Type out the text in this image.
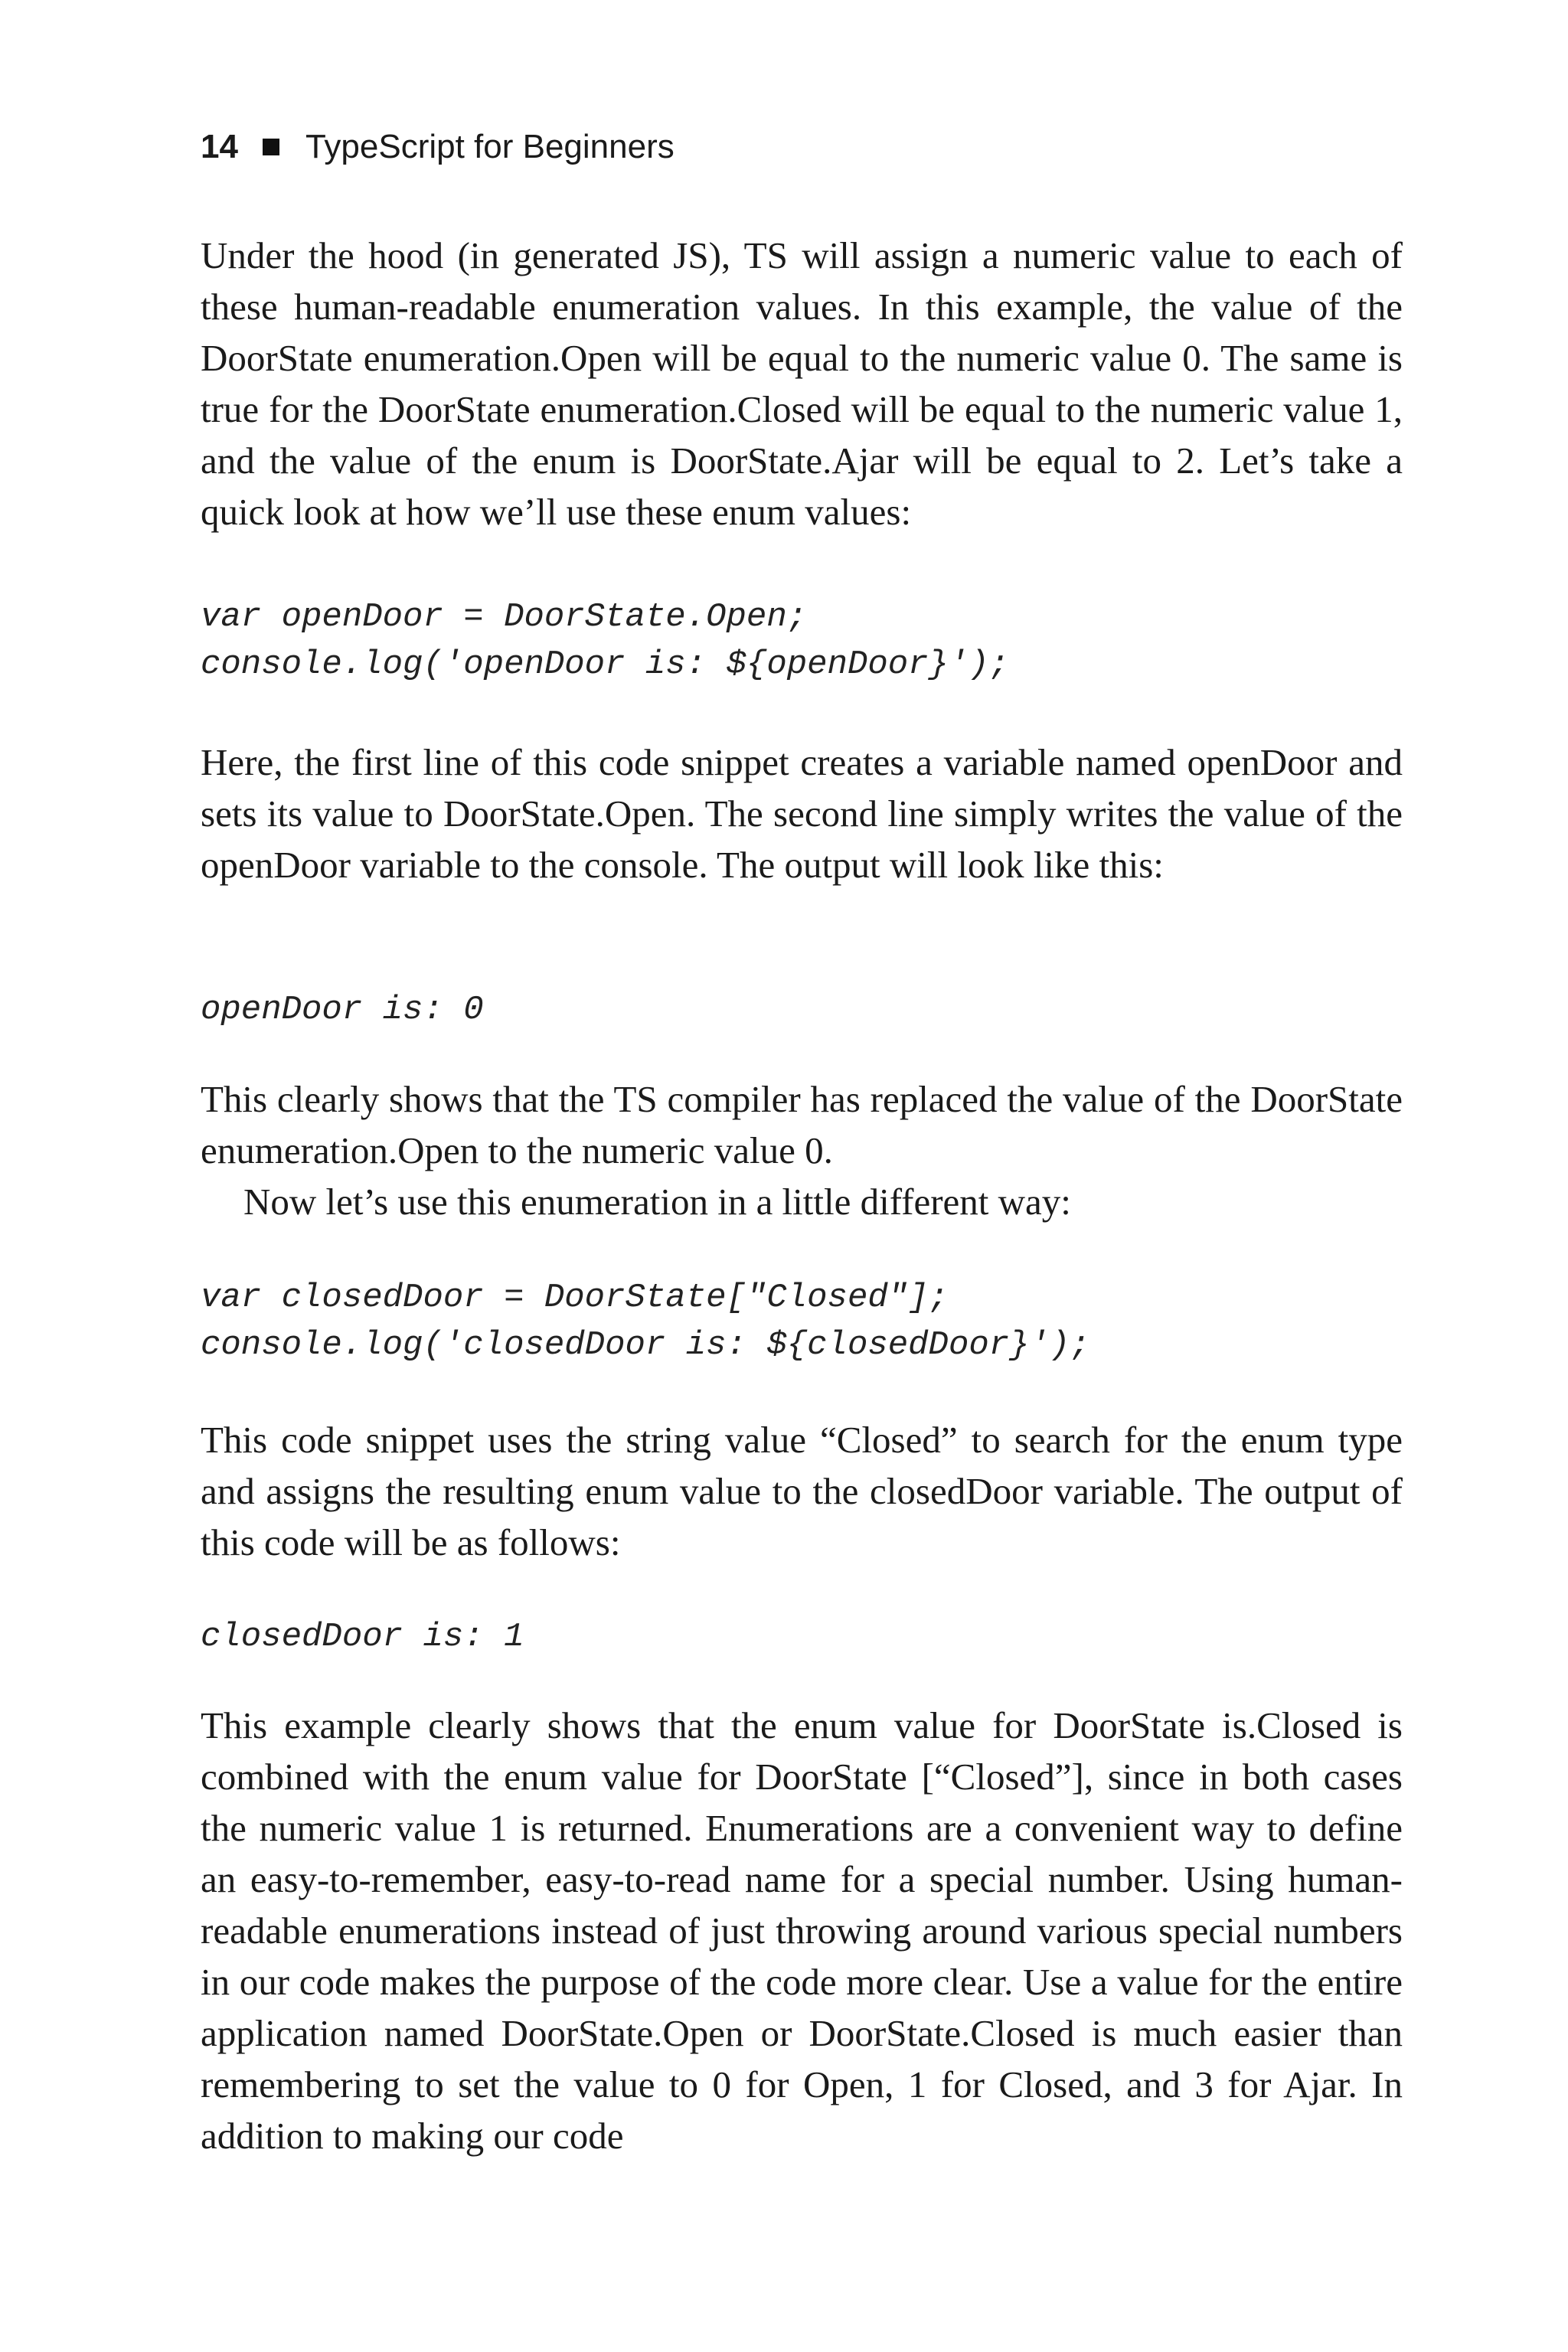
14 TypeScript for Beginners

Under the hood (in generated JS), TS will assign a numeric value to each of these human-readable enumeration values. In this example, the value of the DoorState enumeration.Open will be equal to the numeric value 0. The same is true for the DoorState enumeration.Closed will be equal to the numeric value 1, and the value of the enum is DoorState.Ajar will be equal to 2. Let’s take a quick look at how we’ll use these enum values:

var openDoor = DoorState.Open;
console.log('openDoor is: ${openDoor}');

Here, the first line of this code snippet creates a variable named openDoor and sets its value to DoorState.Open. The second line simply writes the value of the openDoor variable to the console. The output will look like this:

openDoor is: 0

This clearly shows that the TS compiler has replaced the value of the DoorState enumeration.Open to the numeric value 0.

Now let’s use this enumeration in a little different way:

var closedDoor = DoorState["Closed"];
console.log('closedDoor is: ${closedDoor}');

This code snippet uses the string value “Closed” to search for the enum type and assigns the resulting enum value to the closedDoor variable. The output of this code will be as follows:

closedDoor is: 1

This example clearly shows that the enum value for DoorState is.Closed is combined with the enum value for DoorState [“Closed”], since in both cases the numeric value 1 is returned. Enumerations are a convenient way to define an easy-to-remember, easy-to-read name for a special number. Using human-readable enumerations instead of just throwing around various special numbers in our code makes the purpose of the code more clear. Use a value for the entire application named DoorState.Open or DoorState.Closed is much easier than remembering to set the value to 0 for Open, 1 for Closed, and 3 for Ajar. In addition to making our code
